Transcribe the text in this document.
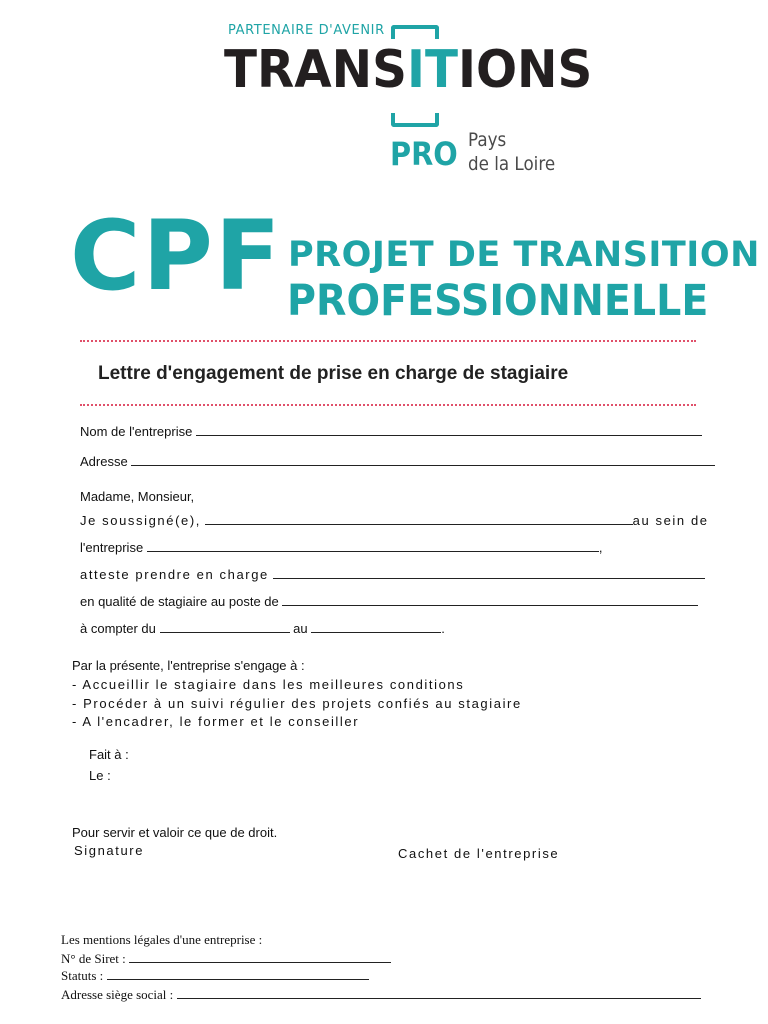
PARTENAIRE D'AVENIR
TRANSITIONS
PRO Pays
de la Loire
CPF PROJET DE TRANSITION
PROFESSIONNELLE
Lettre d'engagement de prise en charge de stagiaire
Nom de l'entreprise
Adresse
Madame, Monsieur,
Je soussigné(e),	au sein de
l'entreprise	,
atteste prendre en charge
en qualité de stagiaire au poste de
à compter du	au	.
Par la présente, l'entreprise s'engage à :
- Accueillir le stagiaire dans les meilleures conditions
- Procéder à un suivi régulier des projets confiés au stagiaire
- A l'encadrer, le former et le conseiller
Fait à :
Le :
Pour servir et valoir ce que de droit.
Signature	Cachet de l'entreprise
Les mentions légales d'une entreprise :
N° de Siret :
Statuts :
Adresse siège social :
